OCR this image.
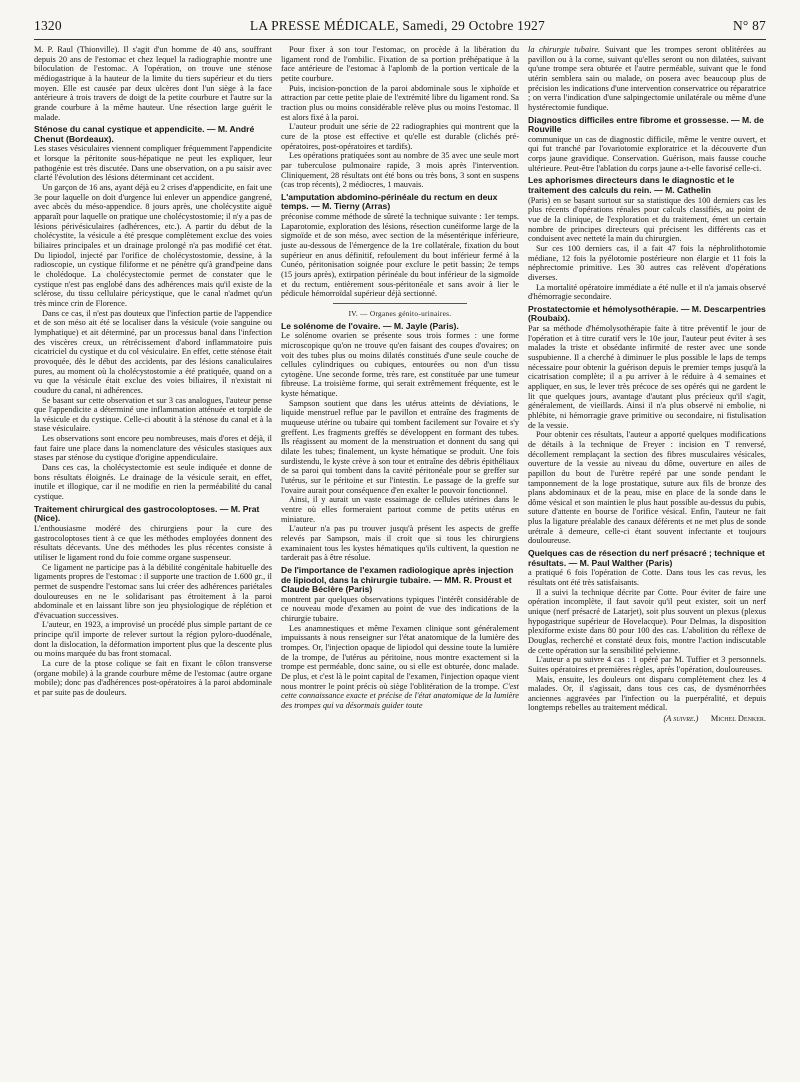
1320	LA PRESSE MÉDICALE, Samedi, 29 Octobre 1927	N° 87

M. P. Raul (Thionville). Il s'agit d'un homme de 40 ans, souffrant depuis 20 ans de l'estomac et chez lequel la radiographie montre une biloculation de l'estomac. A l'opération, on trouve une sténose médiogastrique à la hauteur de la limite du tiers supérieur et du tiers moyen. Elle est causée par deux ulcères dont l'un siège à la face antérieure à trois travers de doigt de la petite courbure et l'autre sur la grande courbure à la même hauteur. Une résection large guérit le malade.

Sténose du canal cystique et appendicite. — M. André Chenut (Bordeaux).

Les stases vésiculaires viennent compliquer fréquemment l'appendicite et lorsque la péritonite sous-hépatique ne peut les expliquer, leur pathogénie est très discutée. Dans une observation, on a pu saisir avec clarté l'évolution des lésions déterminant cet accident.

Un garçon de 16 ans, ayant déjà eu 2 crises d'appendicite, en fait une 3e pour laquelle on doit d'urgence lui enlever un appendice gangrené, avec abcès du méso-appendice. 8 jours après, une cholécystite aiguë apparaît pour laquelle on pratique une cholécystostomie; il n'y a pas de lésions périvésiculaires (adhérences, etc.). A partir du début de la cholécystite, la vésicule a été presque complètement exclue des voies biliaires principales et un drainage prolongé n'a pas modifié cet état. Du lipiodol, injecté par l'orifice de cholécystostomie, dessine, à la radioscopie, un cystique filiforme et ne pénètre qu'à grand'peine dans le cholédoque. La cholécystectomie permet de constater que le cystique n'est pas englobé dans des adhérences mais qu'il existe de la sclérose, du tissu cellulaire péricystique, que le canal n'admet qu'un très mince crin de Florence.

Dans ce cas, il n'est pas douteux que l'infection partie de l'appendice et de son méso ait été se localiser dans la vésicule (voie sanguine ou lymphatique) et ait déterminé, par un processus banal dans l'infection des viscères creux, un rétrécissement d'abord inflammatoire puis cicatriciel du cystique et du col vésiculaire. En effet, cette sténose était provoquée, dès le début des accidents, par des lésions canaliculaires pures, au moment où la cholécystostomie a été pratiquée, quand on a vu que la vésicule était exclue des voies biliaires, il n'existait ni coudure du canal, ni adhérences.

Se basant sur cette observation et sur 3 cas analogues, l'auteur pense que l'appendicite a déterminé une inflammation atténuée et torpide de la vésicule et du cystique. Celle-ci aboutit à la sténose du canal et à la stase vésiculaire.

Les observations sont encore peu nombreuses, mais d'ores et déjà, il faut faire une place dans la nomenclature des vésicules stasiques aux stases par sténose du cystique d'origine appendiculaire.

Dans ces cas, la cholécystectomie est seule indiquée et donne de bons résultats éloignés. Le drainage de la vésicule serait, en effet, inutile et illogique, car il ne modifie en rien la perméabilité du canal cystique.

Traitement chirurgical des gastrocoloptoses. — M. Prat (Nice).

L'enthousiasme modéré des chirurgiens pour la cure des gastrocoloptoses tient à ce que les méthodes employées donnent des résultats décevants. Une des méthodes les plus récentes consiste à utiliser le ligament rond du foie comme organe suspenseur.

Ce ligament ne participe pas à la débilité congénitale habituelle des ligaments propres de l'estomac : il supporte une traction de 1.600 gr., il permet de suspendre l'estomac sans lui créer des adhérences pariétales douloureuses en ne le solidarisant pas étroitement à la paroi abdominale et en laissant libre son jeu physiologique de réplétion et d'évacuation successives.

L'auteur, en 1923, a improvisé un procédé plus simple partant de ce principe qu'il importe de relever surtout la région pyloro-duodénale, dont la dislocation, la déformation importent plus que la descente plus ou moins marquée du bas front stomacal.

La cure de la ptose colique se fait en fixant le côlon transverse (organe mobile) à la grande courbure même de l'estomac (autre organe mobile); donc pas d'adhérences post-opératoires à la paroi abdominale et par suite pas de douleurs.

Pour fixer à son tour l'estomac, on procède à la libération du ligament rond de l'ombilic. Fixation de sa portion préhépatique à la face antérieure de l'estomac à l'aplomb de la portion verticale de la petite courbure.

Puis, incision-ponction de la paroi abdominale sous le xiphoïde et attraction par cette petite plaie de l'extrémité libre du ligament rond. Sa traction plus ou moins considérable relève plus ou moins l'estomac. Il est alors fixé à la paroi.

L'auteur produit une série de 22 radiographies qui montrent que la cure de la ptose est effective et qu'elle est durable (clichés pré-opératoires, post-opératoires et tardifs).

Les opérations pratiquées sont au nombre de 35 avec une seule mort par tuberculose pulmonaire rapide, 3 mois après l'intervention. Cliniquement, 28 résultats ont été bons ou très bons, 3 sont en suspens (cas trop récents), 2 médiocres, 1 mauvais.

L'amputation abdomino-périnéale du rectum en deux temps. — M. Tierny (Arras)

préconise comme méthode de sûreté la technique suivante : 1er temps. Laparotomie, exploration des lésions, résection cunéiforme large de la sigmoïde et de son méso, avec section de la mésentérique inférieure, juste au-dessous de l'émergence de la 1re collatérale, fixation du bout supérieur en anus définitif, refoulement du bout inférieur fermé à la Cunéo, péritonisation soignée pour exclure le petit bassin; 2e temps (15 jours après), extirpation périnéale du bout inférieur de la sigmoïde et du rectum, entièrement sous-péritonéale et sans avoir à lier le pédicule hémorroïdal supérieur déjà sectionné.

IV. — Organes génito-urinaires.
Le solénome de l'ovaire. — M. Jayle (Paris).

Le solénome ovarien se présente sous trois formes : une forme microscopique qu'on ne trouve qu'en faisant des coupes d'ovaires; on voit des tubes plus ou moins dilatés constitués d'une seule couche de cellules cylindriques ou cubiques, entourées ou non d'un tissu cytogène. Une seconde forme, très rare, est constituée par une tumeur fibreuse. La troisième forme, qui serait extrêmement fréquente, est le kyste hématique.

Sampson soutient que dans les utérus atteints de déviations, le liquide menstruel reflue par le pavillon et entraîne des fragments de muqueuse utérine ou tubaire qui tombent facilement sur l'ovaire et s'y greffent. Les fragments greffés se développent en formant des tubes. Ils réagissent au moment de la menstruation et donnent du sang qui dilate les tubes; finalement, un kyste hématique se produit. Une fois surdistendu, le kyste crève à son tour et entraîne des débris épithéliaux de sa paroi qui tombent dans la cavité péritonéale pour se greffer sur l'utérus, sur le péritoine et sur l'intestin. Le passage de la greffe sur l'ovaire aurait pour conséquence d'en exalter le pouvoir fonctionnel.

Ainsi, il y aurait un vaste essaimage de cellules utérines dans le ventre où elles formeraient partout comme de petits utérus en miniature.

L'auteur n'a pas pu trouver jusqu'à présent les aspects de greffe relevés par Sampson, mais il croit que si tous les chirurgiens examinaient tous les kystes hématiques qu'ils cultivent, la question ne tarderait pas à être résolue.

De l'importance de l'examen radiologique après injection de lipiodol, dans la chirurgie tubaire. — MM. R. Proust et Claude Béclère (Paris)

montrent par quelques observations typiques l'intérêt considérable de ce nouveau mode d'examen au point de vue des indications de la chirurgie tubaire.

Les anamnestiques et même l'examen clinique sont généralement impuissants à nous renseigner sur l'état anatomique de la lumière des trompes. Or, l'injection opaque de lipiodol qui dessine toute la lumière de la trompe, de l'utérus au péritoine, nous montre exactement si la trompe est perméable, donc saine, ou si elle est obturée, donc malade. De plus, et c'est là le point capital de l'examen, l'injection opaque vient nous montrer le point précis où siège l'oblitération de la trompe. C'est cette connaissance exacte et précise de l'état anatomique de la lumière des trompes qui va désormais guider toute

la chirurgie tubaire. Suivant que les trompes seront oblitérées au pavillon ou à la corne, suivant qu'elles seront ou non dilatées, suivant qu'une trompe sera obturée et l'autre perméable, suivant que le fond utérin semblera sain ou malade, on posera avec beaucoup plus de précision les indications d'une intervention conservatrice ou réparatrice ; on verra l'indication d'une salpingectomie unilatérale ou même d'une hystérectomie fundique.

Diagnostics difficiles entre fibrome et grossesse. — M. de Rouville

communique un cas de diagnostic difficile, même le ventre ouvert, et qui fut tranché par l'ovariotomie exploratrice et la découverte d'un corps jaune gravidique. Conservation. Guérison, mais fausse couche ultérieure. Peut-être l'ablation du corps jaune a-t-elle favorisé celle-ci.

Les aphorismes directeurs dans le diagnostic et le traitement des calculs du rein. — M. Cathelin

(Paris) en se basant surtout sur sa statistique des 100 derniers cas les plus récents d'opérations rénales pour calculs classifiés, au point de vue de la clinique, de l'exploration et du traitement, émet un certain nombre de principes directeurs qui précisent les différents cas et conduisent avec netteté la main du chirurgien.

Sur ces 100 derniers cas, il a fait 47 fois la néphrolithotomie médiane, 12 fois la pyélotomie postérieure non élargie et 11 fois la néphrectomie primitive. Les 30 autres cas relèvent d'opérations diverses.

La mortalité opératoire immédiate a été nulle et il n'a jamais observé d'hémorragie secondaire.

Prostatectomie et hémolysothérapie. — M. Descarpentries (Roubaix).

Par sa méthode d'hémolysothérapie faite à titre préventif le jour de l'opération et à titre curatif vers le 10e jour, l'auteur peut éviter à ses malades la triste et obsédante infirmité de rester avec une sonde suspubienne. Il a cherché à diminuer le plus possible le laps de temps nécessaire pour obtenir la guérison depuis le premier temps jusqu'à la cicatrisation complète; il a pu arriver à le réduire à 4 semaines et appliquer, en sus, le lever très précoce de ses opérés qui ne gardent le lit que quelques jours, avantage d'autant plus précieux qu'il s'agit, généralement, de vieillards. Ainsi il n'a plus observé ni embolie, ni phlébite, ni hémorragie grave primitive ou secondaire, ni fistulisation de la vessie.

Pour obtenir ces résultats, l'auteur a apporté quelques modifications de détails à la technique de Freyer : incision en T renversé, décollement remplaçant la section des fibres musculaires vésicales, ouverture de la vessie au niveau du dôme, ouverture en ailes de papillon du bout de l'urètre repéré par une sonde pendant le tamponnement de la loge prostatique, suture aux fils de bronze des plans abdominaux et de la peau, mise en place de la sonde dans le dôme vésical et son maintien le plus haut possible au-dessus du pubis, suture d'attente en bourse de l'orifice vésical. Enfin, l'auteur ne fait plus la ligature préalable des canaux déférents et ne met plus de sonde urétrale à demeure, celle-ci étant souvent infectante et toujours douloureuse.

Quelques cas de résection du nerf présacré ; technique et résultats. — M. Paul Walther (Paris)

a pratiqué 6 fois l'opération de Cotte. Dans tous les cas revus, les résultats ont été très satisfaisants.

Il a suivi la technique décrite par Cotte. Pour éviter de faire une opération incomplète, il faut savoir qu'il peut exister, soit un nerf unique (nerf présacré de Latarjet), soit plus souvent un plexus (plexus hypogastrique supérieur de Hovelacque). Pour Delmas, la disposition plexiforme existe dans 80 pour 100 des cas. L'abolition du réflexe de Douglas, recherché et constaté deux fois, montre l'action indiscutable de cette opération sur la sensibilité pelvienne.

L'auteur a pu suivre 4 cas : 1 opéré par M. Tuffier et 3 personnels. Suites opératoires et premières règles, après l'opération, douloureuses.

Mais, ensuite, les douleurs ont disparu complètement chez les 4 malades. Or, il s'agissait, dans tous ces cas, de dysménorrhées anciennes aggravées par l'infection ou la puerpéralité, et depuis longtemps rebelles au traitement médical.

(A suivre.) Michel Denker.
